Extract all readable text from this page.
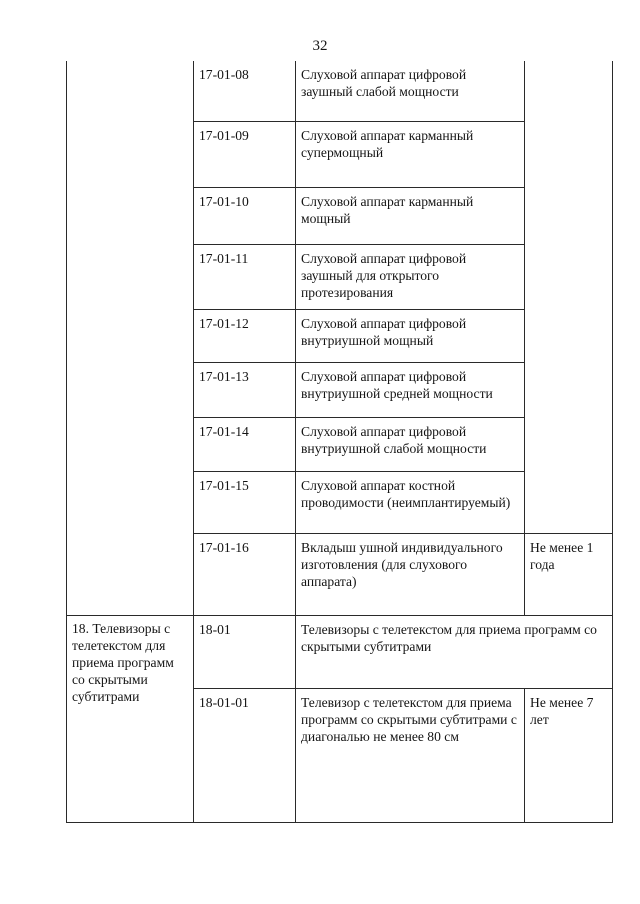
32
	17-01-08	Слуховой аппарат цифровой заушный слабой мощности	
	17-01-09	Слуховой аппарат карманный супермощный	
	17-01-10	Слуховой аппарат карманный мощный	
	17-01-11	Слуховой аппарат цифровой заушный для открытого протезирования	
	17-01-12	Слуховой аппарат цифровой внутриушной мощный	
	17-01-13	Слуховой аппарат цифровой внутриушной средней мощности	
	17-01-14	Слуховой аппарат цифровой внутриушной слабой мощности	
	17-01-15	Слуховой аппарат костной проводимости (неимплантируемый)	
	17-01-16	Вкладыш ушной индивидуального изготовления (для слухового аппарата)	Не менее 1 года
18. Телевизоры с телетекстом для приема программ со скрытыми субтитрами	18-01	Телевизоры с телетекстом для приема программ со скрытыми субтитрами	
	18-01-01	Телевизор с телетекстом для приема программ со скрытыми субтитрами с диагональю не менее 80 см	Не менее 7 лет
